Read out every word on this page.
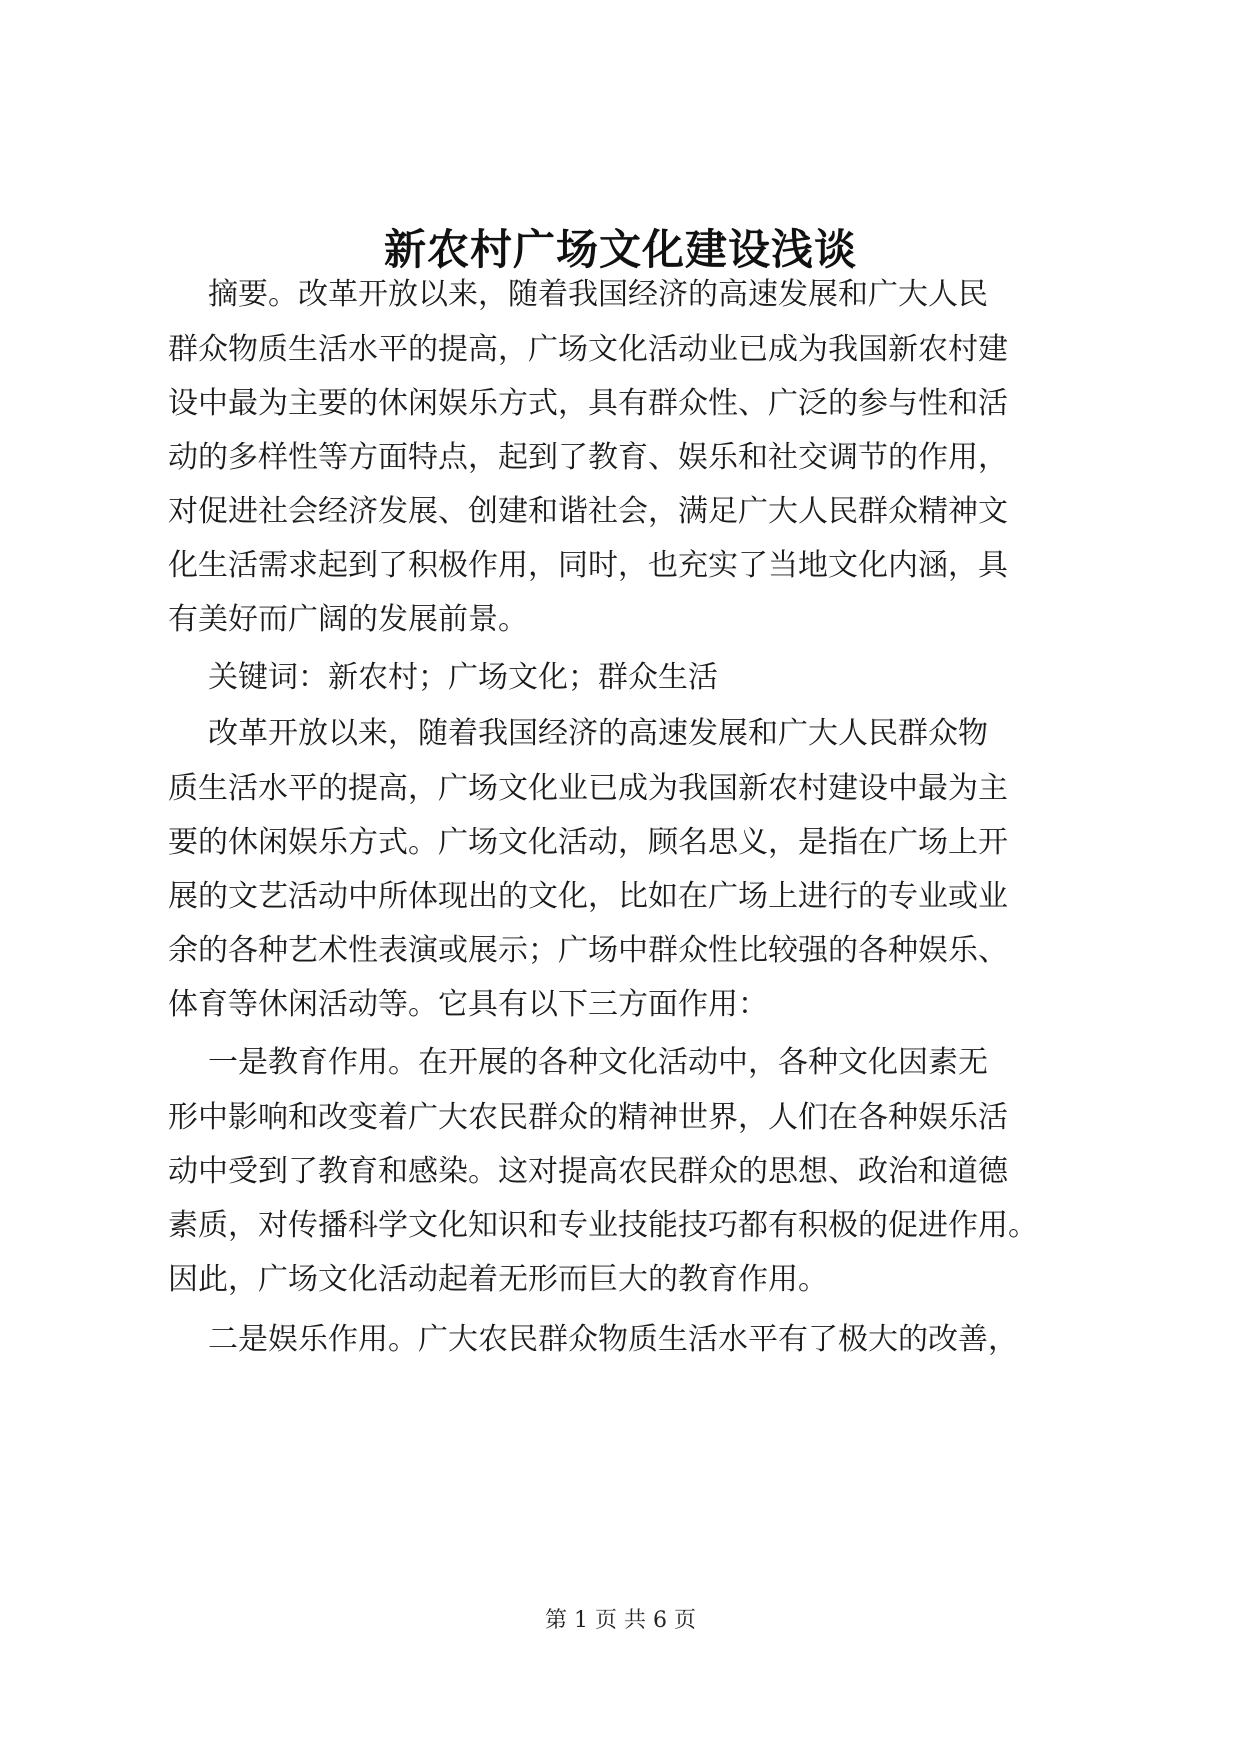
新农村广场文化建设浅谈
摘要。改革开放以来，随着我国经济的高速发展和广大人民
群众物质生活水平的提高，广场文化活动业已成为我国新农村建
设中最为主要的休闲娱乐方式，具有群众性、广泛的参与性和活
动的多样性等方面特点，起到了教育、娱乐和社交调节的作用，
对促进社会经济发展、创建和谐社会，满足广大人民群众精神文
化生活需求起到了积极作用，同时，也充实了当地文化内涵，具
有美好而广阔的发展前景。
关键词：新农村；广场文化；群众生活
改革开放以来，随着我国经济的高速发展和广大人民群众物
质生活水平的提高，广场文化业已成为我国新农村建设中最为主
要的休闲娱乐方式。广场文化活动，顾名思义，是指在广场上开
展的文艺活动中所体现出的文化，比如在广场上进行的专业或业
余的各种艺术性表演或展示；广场中群众性比较强的各种娱乐、
体育等休闲活动等。它具有以下三方面作用：
一是教育作用。在开展的各种文化活动中，各种文化因素无
形中影响和改变着广大农民群众的精神世界，人们在各种娱乐活
动中受到了教育和感染。这对提高农民群众的思想、政治和道德
素质，对传播科学文化知识和专业技能技巧都有积极的促进作用。
因此，广场文化活动起着无形而巨大的教育作用。
二是娱乐作用。广大农民群众物质生活水平有了极大的改善，
第 1 页 共 6 页
